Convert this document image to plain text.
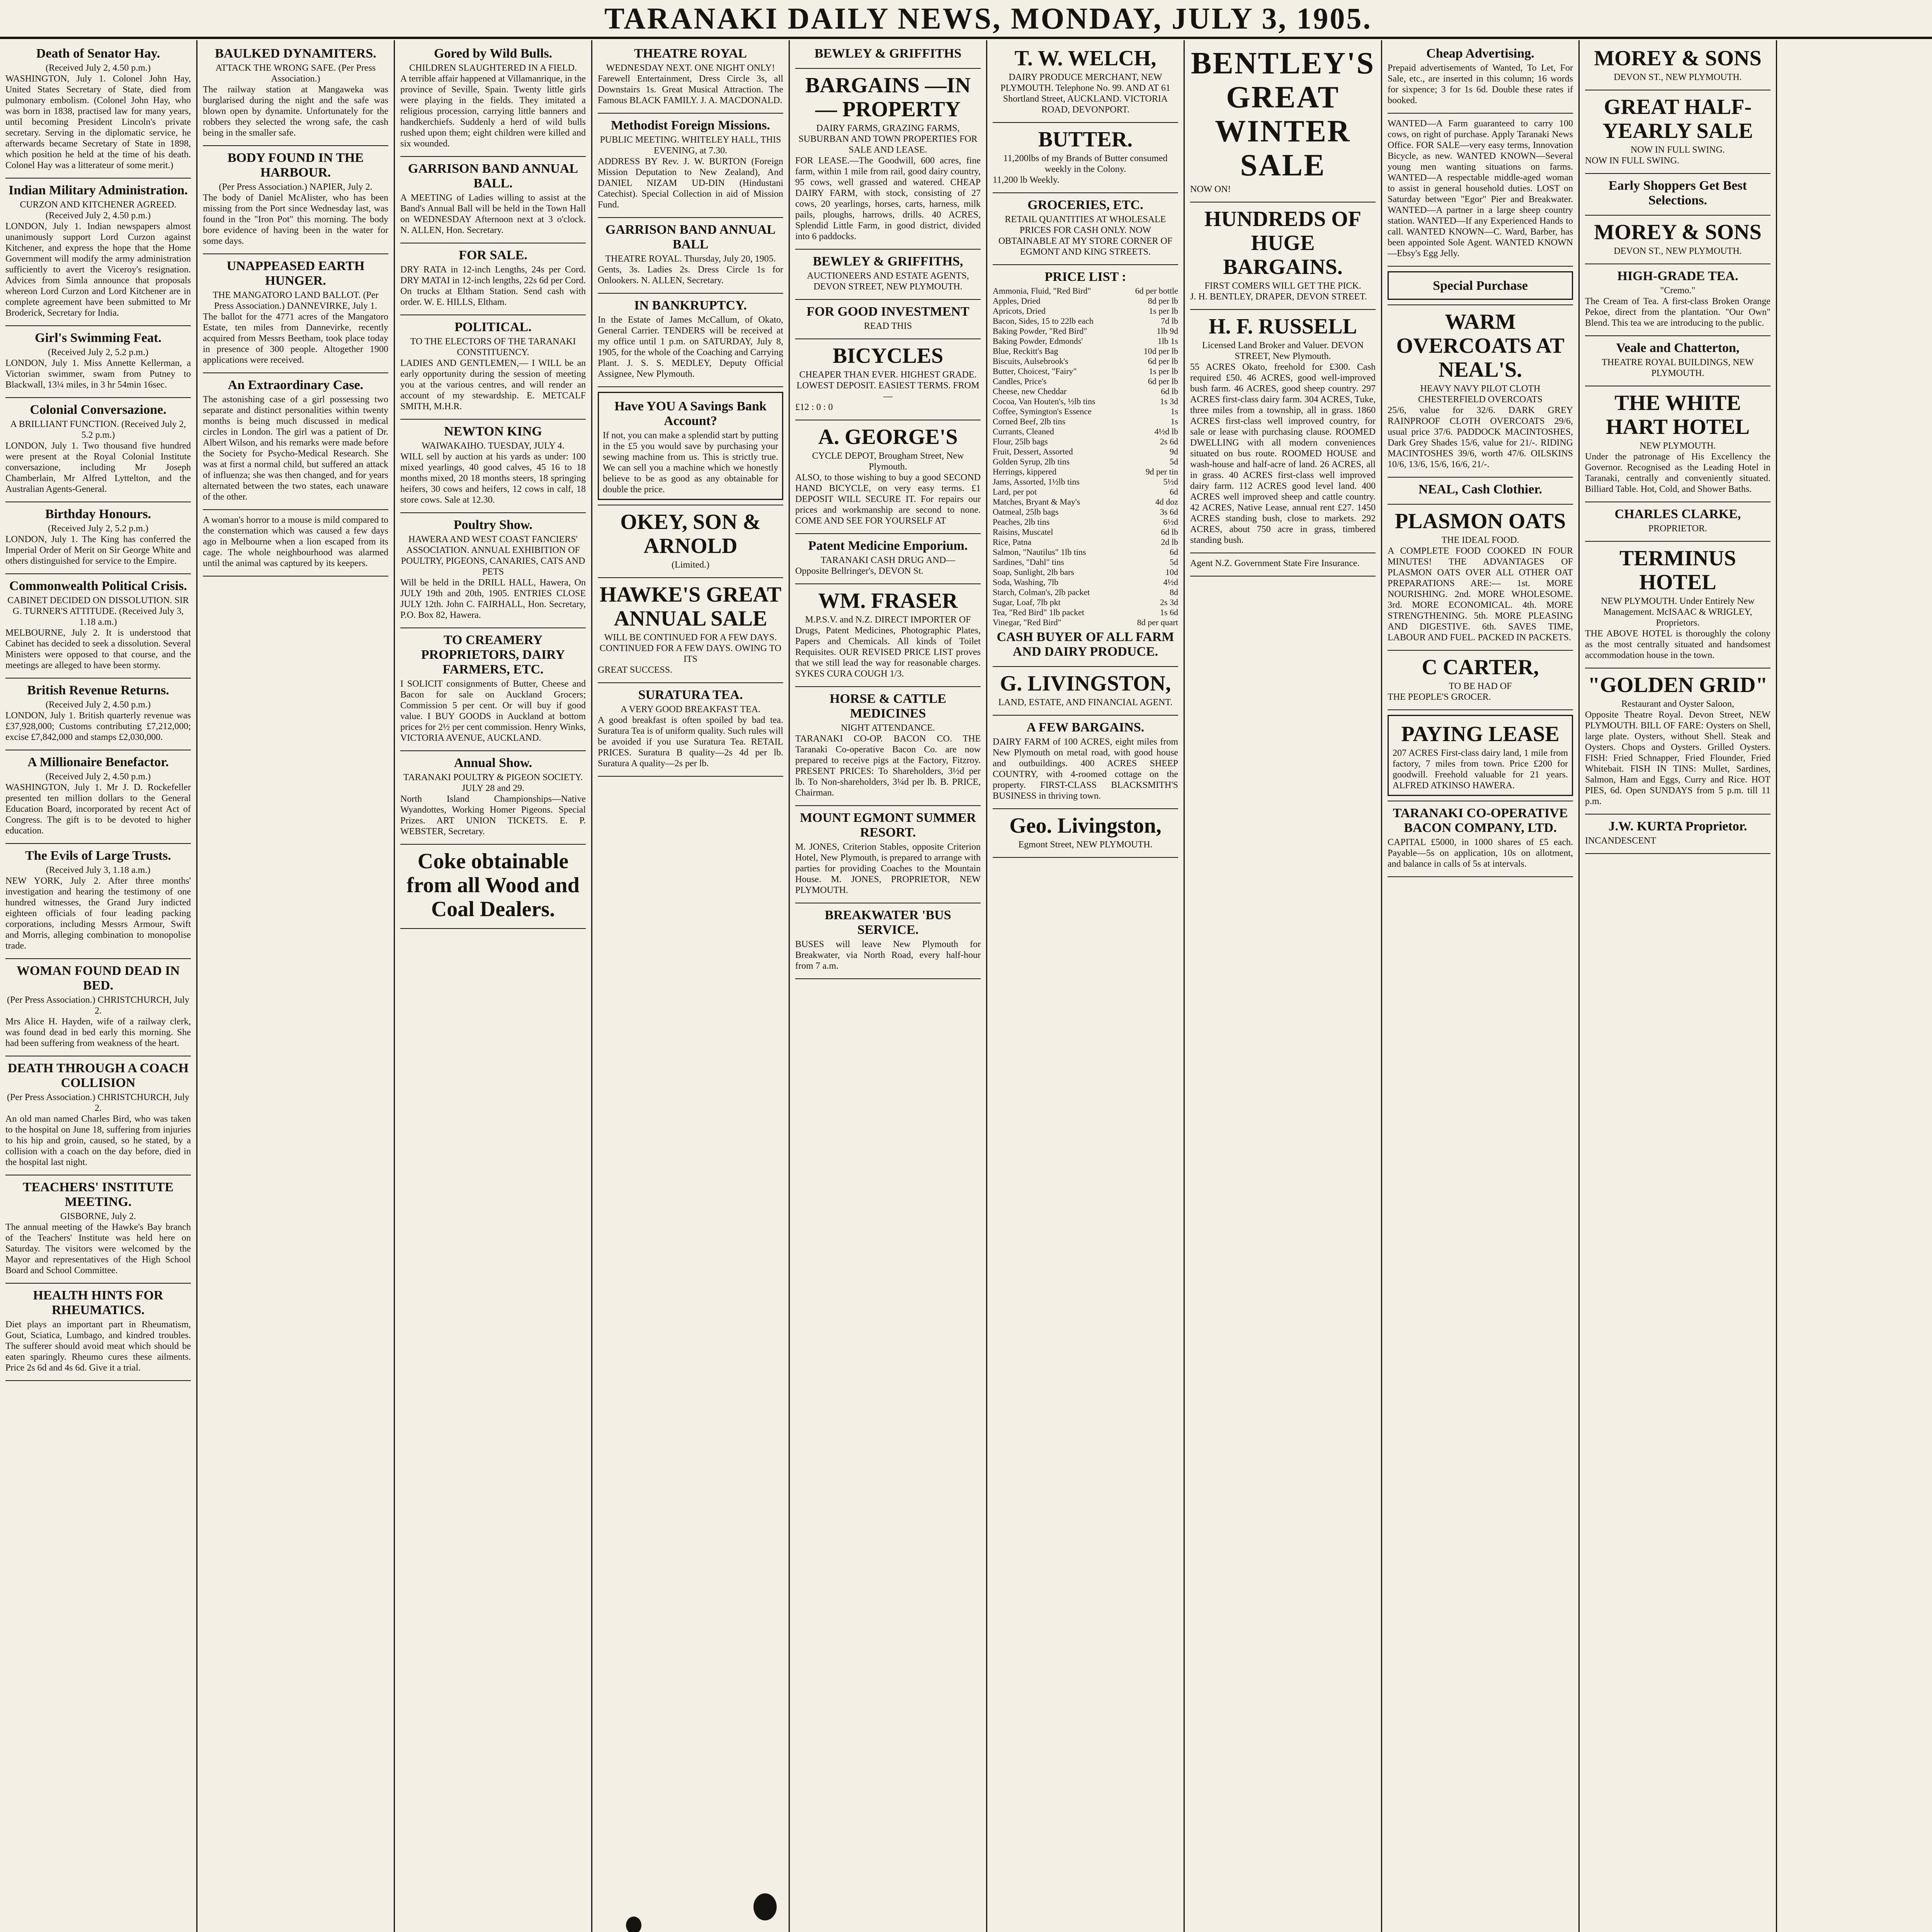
TARANAKI DAILY NEWS, MONDAY, JULY 3, 1905.
Death of Senator Hay.
(Received July 2, 4.50 p.m.)
WASHINGTON, July 1. Colonel John Hay, United States Secretary of State, died from pulmonary embolism. (Colonel John Hay, who was born in 1838, practised law for many years, until becoming President Lincoln's private secretary. Serving in the diplomatic service, he afterwards became Secretary of State in 1898, which position he held at the time of his death. Colonel Hay was a litterateur of some merit.)
Indian Military Administration.
CURZON AND KITCHENER AGREED. (Received July 2, 4.50 p.m.)
LONDON, July 1. Indian newspapers almost unanimously support Lord Curzon against Kitchener, and express the hope that the Home Government will modify the army administration sufficiently to avert the Viceroy's resignation. Advices from Simla announce that proposals whereon Lord Curzon and Lord Kitchener are in complete agreement have been submitted to Mr Broderick, Secretary for India.
Girl's Swimming Feat.
(Received July 2, 5.2 p.m.)
LONDON, July 1. Miss Annette Kellerman, a Victorian swimmer, swam from Putney to Blackwall, 13¼ miles, in 3 hr 54min 16sec.
Colonial Conversazione.
A BRILLIANT FUNCTION. (Received July 2, 5.2 p.m.)
LONDON, July 1. Two thousand five hundred were present at the Royal Colonial Institute conversazione, including Mr Joseph Chamberlain, Mr Alfred Lyttelton, and the Australian Agents-General.
Birthday Honours.
(Received July 2, 5.2 p.m.)
LONDON, July 1. The King has conferred the Imperial Order of Merit on Sir George White and others distinguished for service to the Empire.
Commonwealth Political Crisis.
CABINET DECIDED ON DISSOLUTION. SIR G. TURNER'S ATTITUDE. (Received July 3, 1.18 a.m.)
MELBOURNE, July 2. It is understood that Cabinet has decided to seek a dissolution. Several Ministers were opposed to that course, and the meetings are alleged to have been stormy.
British Revenue Returns.
(Received July 2, 4.50 p.m.)
LONDON, July 1. British quarterly revenue was £37,928,000; Customs contributing £7,212,000; excise £7,842,000 and stamps £2,030,000.
A Millionaire Benefactor.
(Received July 2, 4.50 p.m.)
WASHINGTON, July 1. Mr J. D. Rockefeller presented ten million dollars to the General Education Board, incorporated by recent Act of Congress. The gift is to be devoted to higher education.
The Evils of Large Trusts.
(Received July 3, 1.18 a.m.)
NEW YORK, July 2. After three months' investigation and hearing the testimony of one hundred witnesses, the Grand Jury indicted eighteen officials of four leading packing corporations, including Messrs Armour, Swift and Morris, alleging combination to monopolise trade.
WOMAN FOUND DEAD IN BED.
(Per Press Association.) CHRISTCHURCH, July 2.
Mrs Alice H. Hayden, wife of a railway clerk, was found dead in bed early this morning. She had been suffering from weakness of the heart.
DEATH THROUGH A COACH COLLISION
(Per Press Association.) CHRISTCHURCH, July 2.
An old man named Charles Bird, who was taken to the hospital on June 18, suffering from injuries to his hip and groin, caused, so he stated, by a collision with a coach on the day before, died in the hospital last night.
TEACHERS' INSTITUTE MEETING.
GISBORNE, July 2.
The annual meeting of the Hawke's Bay branch of the Teachers' Institute was held here on Saturday. The visitors were welcomed by the Mayor and representatives of the High School Board and School Committee.
HEALTH HINTS FOR RHEUMATICS.
Diet plays an important part in Rheumatism, Gout, Sciatica, Lumbago, and kindred troubles. The sufferer should avoid meat which should be eaten sparingly. Rheumo cures these ailments. Price 2s 6d and 4s 6d. Give it a trial.
BAULKED DYNAMITERS.
ATTACK THE WRONG SAFE. (Per Press Association.)
The railway station at Mangaweka was burglarised during the night and the safe was blown open by dynamite. Unfortunately for the robbers they selected the wrong safe, the cash being in the smaller safe.
BODY FOUND IN THE HARBOUR.
(Per Press Association.) NAPIER, July 2.
The body of Daniel McAlister, who has been missing from the Port since Wednesday last, was found in the "Iron Pot" this morning. The body bore evidence of having been in the water for some days.
UNAPPEASED EARTH HUNGER.
THE MANGATORO LAND BALLOT. (Per Press Association.) DANNEVIRKE, July 1.
The ballot for the 4771 acres of the Mangatoro Estate, ten miles from Dannevirke, recently acquired from Messrs Beetham, took place today in presence of 300 people. Altogether 1900 applications were received.
An Extraordinary Case.
The astonishing case of a girl possessing two separate and distinct personalities within twenty months is being much discussed in medical circles in London. The girl was a patient of Dr. Albert Wilson, and his remarks were made before the Society for Psycho-Medical Research. She was at first a normal child, but suffered an attack of influenza; she was then changed, and for years alternated between the two states, each unaware of the other.
A woman's horror to a mouse is mild compared to the consternation which was caused a few days ago in Melbourne when a lion escaped from its cage. The whole neighbourhood was alarmed until the animal was captured by its keepers.
Gored by Wild Bulls.
CHILDREN SLAUGHTERED IN A FIELD.
A terrible affair happened at Villamanrique, in the province of Seville, Spain. Twenty little girls were playing in the fields. They imitated a religious procession, carrying little banners and handkerchiefs. Suddenly a herd of wild bulls rushed upon them; eight children were killed and six wounded.
GARRISON BAND ANNUAL BALL.
A MEETING of Ladies willing to assist at the Band's Annual Ball will be held in the Town Hall on WEDNESDAY Afternoon next at 3 o'clock. N. ALLEN, Hon. Secretary.
FOR SALE.
DRY RATA in 12-inch Lengths, 24s per Cord. DRY MATAI in 12-inch lengths, 22s 6d per Cord. On trucks at Eltham Station. Send cash with order. W. E. HILLS, Eltham.
POLITICAL.
TO THE ELECTORS OF THE TARANAKI CONSTITUENCY.
LADIES AND GENTLEMEN,— I WILL be an early opportunity during the session of meeting you at the various centres, and will render an account of my stewardship. E. METCALF SMITH, M.H.R.
NEWTON KING
WAIWAKAIHO. TUESDAY, JULY 4.
WILL sell by auction at his yards as under: 100 mixed yearlings, 40 good calves, 45 16 to 18 months mixed, 20 18 months steers, 18 springing heifers, 30 cows and heifers, 12 cows in calf, 18 store cows. Sale at 12.30.
Poultry Show.
HAWERA AND WEST COAST FANCIERS' ASSOCIATION. ANNUAL EXHIBITION OF POULTRY, PIGEONS, CANARIES, CATS AND PETS
Will be held in the DRILL HALL, Hawera, On JULY 19th and 20th, 1905. ENTRIES CLOSE JULY 12th. John C. FAIRHALL, Hon. Secretary, P.O. Box 82, Hawera.
TO CREAMERY PROPRIETORS, DAIRY FARMERS, ETC.
I SOLICIT consignments of Butter, Cheese and Bacon for sale on Auckland Grocers; Commission 5 per cent. Or will buy if good value. I BUY GOODS in Auckland at bottom prices for 2½ per cent commission. Henry Winks, VICTORIA AVENUE, AUCKLAND.
Annual Show.
TARANAKI POULTRY & PIGEON SOCIETY. JULY 28 and 29.
North Island Championships—Native Wyandottes, Working Homer Pigeons. Special Prizes. ART UNION TICKETS. E. P. WEBSTER, Secretary.
Coke obtainable from all Wood and Coal Dealers.
THEATRE ROYAL
WEDNESDAY NEXT. ONE NIGHT ONLY!
Farewell Entertainment, Dress Circle 3s, all Downstairs 1s. Great Musical Attraction. The Famous BLACK FAMILY. J. A. MACDONALD.
Methodist Foreign Missions.
PUBLIC MEETING. WHITELEY HALL, THIS EVENING, at 7.30.
ADDRESS BY Rev. J. W. BURTON (Foreign Mission Deputation to New Zealand), And DANIEL NIZAM UD-DIN (Hindustani Catechist). Special Collection in aid of Mission Fund.
GARRISON BAND ANNUAL BALL
THEATRE ROYAL. Thursday, July 20, 1905.
Gents, 3s. Ladies 2s. Dress Circle 1s for Onlookers. N. ALLEN, Secretary.
IN BANKRUPTCY.
In the Estate of James McCallum, of Okato, General Carrier. TENDERS will be received at my office until 1 p.m. on SATURDAY, July 8, 1905, for the whole of the Coaching and Carrying Plant. J. S. S. MEDLEY, Deputy Official Assignee, New Plymouth.
Have YOU A Savings Bank Account?
If not, you can make a splendid start by putting in the £5 you would save by purchasing your sewing machine from us. This is strictly true. We can sell you a machine which we honestly believe to be as good as any obtainable for double the price.
OKEY, SON & ARNOLD
(Limited.)
HAWKE'S GREAT ANNUAL SALE
WILL BE CONTINUED FOR A FEW DAYS. CONTINUED FOR A FEW DAYS. OWING TO ITS
GREAT SUCCESS.
SURATURA TEA.
A VERY GOOD BREAKFAST TEA.
A good breakfast is often spoiled by bad tea. Suratura Tea is of uniform quality. Such rules will be avoided if you use Suratura Tea. RETAIL PRICES. Suratura B quality—2s 4d per lb. Suratura A quality—2s per lb.
BEWLEY & GRIFFITHS
BARGAINS —IN— PROPERTY
DAIRY FARMS, GRAZING FARMS, SUBURBAN AND TOWN PROPERTIES FOR SALE AND LEASE.
FOR LEASE.—The Goodwill, 600 acres, fine farm, within 1 mile from rail, good dairy country, 95 cows, well grassed and watered. CHEAP DAIRY FARM, with stock, consisting of 27 cows, 20 yearlings, horses, carts, harness, milk pails, ploughs, harrows, drills. 40 ACRES, Splendid Little Farm, in good district, divided into 6 paddocks.
BEWLEY & GRIFFITHS,
AUCTIONEERS AND ESTATE AGENTS, DEVON STREET, NEW PLYMOUTH.
FOR GOOD INVESTMENT
READ THIS
BICYCLES
CHEAPER THAN EVER. HIGHEST GRADE. LOWEST DEPOSIT. EASIEST TERMS. FROM—
£12 : 0 : 0
A. GEORGE'S
CYCLE DEPOT, Brougham Street, New Plymouth.
ALSO, to those wishing to buy a good SECOND HAND BICYCLE, on very easy terms. £1 DEPOSIT WILL SECURE IT. For repairs our prices and workmanship are second to none. COME AND SEE FOR YOURSELF AT
Patent Medicine Emporium.
TARANAKI CASH DRUG AND—
Opposite Bellringer's, DEVON St.
WM. FRASER
M.P.S.V. and N.Z. DIRECT IMPORTER OF
Drugs, Patent Medicines, Photographic Plates, Papers and Chemicals. All kinds of Toilet Requisites. OUR REVISED PRICE LIST proves that we still lead the way for reasonable charges. SYKES CURA COUGH 1/3.
HORSE & CATTLE MEDICINES
NIGHT ATTENDANCE.
TARANAKI CO-OP. BACON CO. THE Taranaki Co-operative Bacon Co. are now prepared to receive pigs at the Factory, Fitzroy. PRESENT PRICES: To Shareholders, 3½d per lb. To Non-shareholders, 3¼d per lb. B. PRICE, Chairman.
MOUNT EGMONT SUMMER RESORT.
M. JONES, Criterion Stables, opposite Criterion Hotel, New Plymouth, is prepared to arrange with parties for providing Coaches to the Mountain House. M. JONES, PROPRIETOR, NEW PLYMOUTH.
BREAKWATER 'BUS SERVICE.
BUSES will leave New Plymouth for Breakwater, via North Road, every half-hour from 7 a.m.
T. W. WELCH,
DAIRY PRODUCE MERCHANT, NEW PLYMOUTH. Telephone No. 99. AND AT 61 Shortland Street, AUCKLAND. VICTORIA ROAD, DEVONPORT.
BUTTER.
11,200lbs of my Brands of Butter consumed weekly in the Colony.
11,200 lb Weekly.
GROCERIES, ETC.
RETAIL QUANTITIES AT WHOLESALE PRICES FOR CASH ONLY. NOW OBTAINABLE AT MY STORE CORNER OF EGMONT AND KING STREETS.
PRICE LIST :
Ammonia, Fluid, "Red Bird"	6d per bottle
Apples, Dried	8d per lb
Apricots, Dried	1s per lb
Bacon, Sides, 15 to 22lb each	7d lb
Baking Powder, "Red Bird"	1lb 9d
Baking Powder, Edmonds'	1lb 1s
Blue, Reckitt's Bag	10d per lb
Biscuits, Aulsebrook's	6d per lb
Butter, Choicest, "Fairy"	1s per lb
Candles, Price's	6d per lb
Cheese, new Cheddar	6d lb
Cocoa, Van Houten's, ½lb tins	1s 3d
Coffee, Symington's Essence	1s
Corned Beef, 2lb tins	1s
Currants, Cleaned	4½d lb
Flour, 25lb bags	2s 6d
Fruit, Dessert, Assorted	9d
Golden Syrup, 2lb tins	5d
Herrings, kippered	9d per tin
Jams, Assorted, 1½lb tins	5½d
Lard, per pot	6d
Matches, Bryant & May's	4d doz
Oatmeal, 25lb bags	3s 6d
Peaches, 2lb tins	6½d
Raisins, Muscatel	6d lb
Rice, Patna	2d lb
Salmon, "Nautilus" 1lb tins	6d
Sardines, "Dahl" tins	5d
Soap, Sunlight, 2lb bars	10d
Soda, Washing, 7lb	4½d
Starch, Colman's, 2lb packet	8d
Sugar, Loaf, 7lb pkt	2s 3d
Tea, "Red Bird" 1lb packet	1s 6d
Vinegar, "Red Bird"	8d per quart
CASH BUYER OF ALL FARM AND DAIRY PRODUCE.
G. LIVINGSTON,
LAND, ESTATE, AND FINANCIAL AGENT.
A FEW BARGAINS.
DAIRY FARM of 100 ACRES, eight miles from New Plymouth on metal road, with good house and outbuildings. 400 ACRES SHEEP COUNTRY, with 4-roomed cottage on the property. FIRST-CLASS BLACKSMITH'S BUSINESS in thriving town.
Geo. Livingston,
Egmont Street, NEW PLYMOUTH.
BENTLEY'S GREAT WINTER SALE
NOW ON!
HUNDREDS OF HUGE BARGAINS.
FIRST COMERS WILL GET THE PICK.
J. H. BENTLEY, DRAPER, DEVON STREET.
H. F. RUSSELL
Licensed Land Broker and Valuer. DEVON STREET, New Plymouth.
55 ACRES Okato, freehold for £300. Cash required £50. 46 ACRES, good well-improved bush farm. 46 ACRES, good sheep country. 297 ACRES first-class dairy farm. 304 ACRES, Tuke, three miles from a township, all in grass. 1860 ACRES first-class well improved country, for sale or lease with purchasing clause. ROOMED DWELLING with all modern conveniences situated on bus route. ROOMED HOUSE and wash-house and half-acre of land. 26 ACRES, all in grass. 40 ACRES first-class well improved dairy farm. 112 ACRES good level land. 400 ACRES well improved sheep and cattle country. 42 ACRES, Native Lease, annual rent £27. 1450 ACRES standing bush, close to markets. 292 ACRES, about 750 acre in grass, timbered standing bush.
Agent N.Z. Government State Fire Insurance.
Cheap Advertising.
Prepaid advertisements of Wanted, To Let, For Sale, etc., are inserted in this column; 16 words for sixpence; 3 for 1s 6d. Double these rates if booked.
WANTED—A Farm guaranteed to carry 100 cows, on right of purchase. Apply Taranaki News Office. FOR SALE—very easy terms, Innovation Bicycle, as new. WANTED KNOWN—Several young men wanting situations on farms. WANTED—A respectable middle-aged woman to assist in general household duties. LOST on Saturday between "Egor" Pier and Breakwater. WANTED—A partner in a large sheep country station. WANTED—If any Experienced Hands to call. WANTED KNOWN—C. Ward, Barber, has been appointed Sole Agent. WANTED KNOWN—Ebsy's Egg Jelly.
Special Purchase
WARM OVERCOATS AT NEAL'S.
HEAVY NAVY PILOT CLOTH CHESTERFIELD OVERCOATS
25/6, value for 32/6. DARK GREY RAINPROOF CLOTH OVERCOATS 29/6, usual price 37/6. PADDOCK MACINTOSHES, Dark Grey Shades 15/6, value for 21/-. RIDING MACINTOSHES 39/6, worth 47/6. OILSKINS 10/6, 13/6, 15/6, 16/6, 21/-.
NEAL, Cash Clothier.
PLASMON OATS
THE IDEAL FOOD.
A COMPLETE FOOD COOKED IN FOUR MINUTES! THE ADVANTAGES OF PLASMON OATS OVER ALL OTHER OAT PREPARATIONS ARE:— 1st. MORE NOURISHING. 2nd. MORE WHOLESOME. 3rd. MORE ECONOMICAL. 4th. MORE STRENGTHENING. 5th. MORE PLEASING AND DIGESTIVE. 6th. SAVES TIME, LABOUR AND FUEL. PACKED IN PACKETS.
C CARTER,
TO BE HAD OF
THE PEOPLE'S GROCER.
PAYING LEASE
207 ACRES First-class dairy land, 1 mile from factory, 7 miles from town. Price £200 for goodwill. Freehold valuable for 21 years. ALFRED ATKINSO HAWERA.
TARANAKI CO-OPERATIVE BACON COMPANY, LTD.
CAPITAL £5000, in 1000 shares of £5 each. Payable—5s on application, 10s on allotment, and balance in calls of 5s at intervals.
MOREY & SONS
DEVON ST., NEW PLYMOUTH.
GREAT HALF-YEARLY SALE
NOW IN FULL SWING.
NOW IN FULL SWING.
Early Shoppers Get Best Selections.
MOREY & SONS
DEVON ST., NEW PLYMOUTH.
HIGH-GRADE TEA.
"Cremo."
The Cream of Tea. A first-class Broken Orange Pekoe, direct from the plantation. "Our Own" Blend. This tea we are introducing to the public.
Veale and Chatterton,
THEATRE ROYAL BUILDINGS, NEW PLYMOUTH.
THE WHITE HART HOTEL
NEW PLYMOUTH.
Under the patronage of His Excellency the Governor. Recognised as the Leading Hotel in Taranaki, centrally and conveniently situated. Billiard Table. Hot, Cold, and Shower Baths.
CHARLES CLARKE,
PROPRIETOR.
TERMINUS HOTEL
NEW PLYMOUTH. Under Entirely New Management. McISAAC & WRIGLEY, Proprietors.
THE ABOVE HOTEL is thoroughly the colony as the most centrally situated and handsomest accommodation house in the town.
"GOLDEN GRID"
Restaurant and Oyster Saloon,
Opposite Theatre Royal. Devon Street, NEW PLYMOUTH. BILL OF FARE: Oysters on Shell, large plate. Oysters, without Shell. Steak and Oysters. Chops and Oysters. Grilled Oysters. FISH: Fried Schnapper, Fried Flounder, Fried Whitebait. FISH IN TINS: Mullet, Sardines, Salmon, Ham and Eggs, Curry and Rice. HOT PIES, 6d. Open SUNDAYS from 5 p.m. till 11 p.m.
J.W. KURTA Proprietor.
INCANDESCENT
